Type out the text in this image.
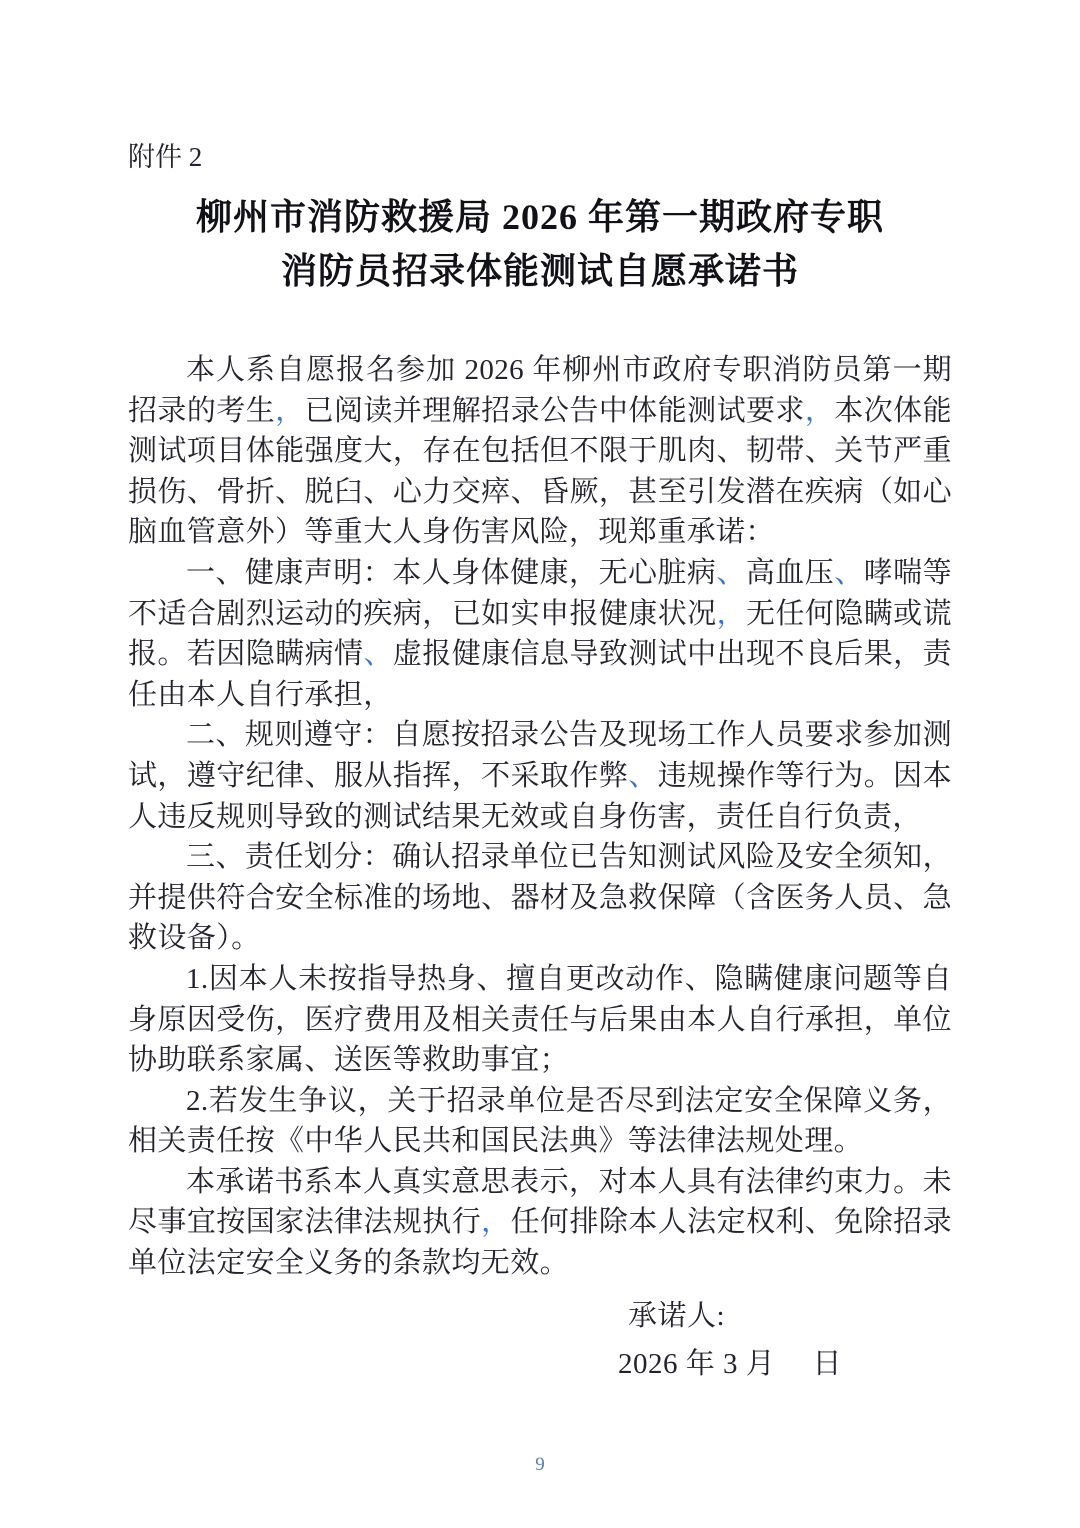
附件 2
柳州市消防救援局 2026 年第一期政府专职
消防员招录体能测试自愿承诺书

本人系自愿报名参加 2026 年柳州市政府专职消防员第一期招录的考生，已阅读并理解招录公告中体能测试要求，本次体能测试项目体能强度大，存在包括但不限于肌肉、韧带、关节严重损伤、骨折、脱臼、心力交瘁、昏厥，甚至引发潜在疾病（如心脑血管意外）等重大人身伤害风险，现郑重承诺：

一、健康声明：本人身体健康，无心脏病、高血压、哮喘等不适合剧烈运动的疾病，已如实申报健康状况，无任何隐瞒或谎报。若因隐瞒病情、虚报健康信息导致测试中出现不良后果，责任由本人自行承担，

二、规则遵守：自愿按招录公告及现场工作人员要求参加测试，遵守纪律、服从指挥，不采取作弊、违规操作等行为。因本人违反规则导致的测试结果无效或自身伤害，责任自行负责，

三、责任划分：确认招录单位已告知测试风险及安全须知，并提供符合安全标准的场地、器材及急救保障（含医务人员、急救设备）。

1.因本人未按指导热身、擅自更改动作、隐瞒健康问题等自身原因受伤，医疗费用及相关责任与后果由本人自行承担，单位协助联系家属、送医等救助事宜；

2.若发生争议，关于招录单位是否尽到法定安全保障义务，相关责任按《中华人民共和国民法典》等法律法规处理。

本承诺书系本人真实意思表示，对本人具有法律约束力。未尽事宜按国家法律法规执行，任何排除本人法定权利、免除招录单位法定安全义务的条款均无效。

承诺人:
2026 年 3 月　 日
9
